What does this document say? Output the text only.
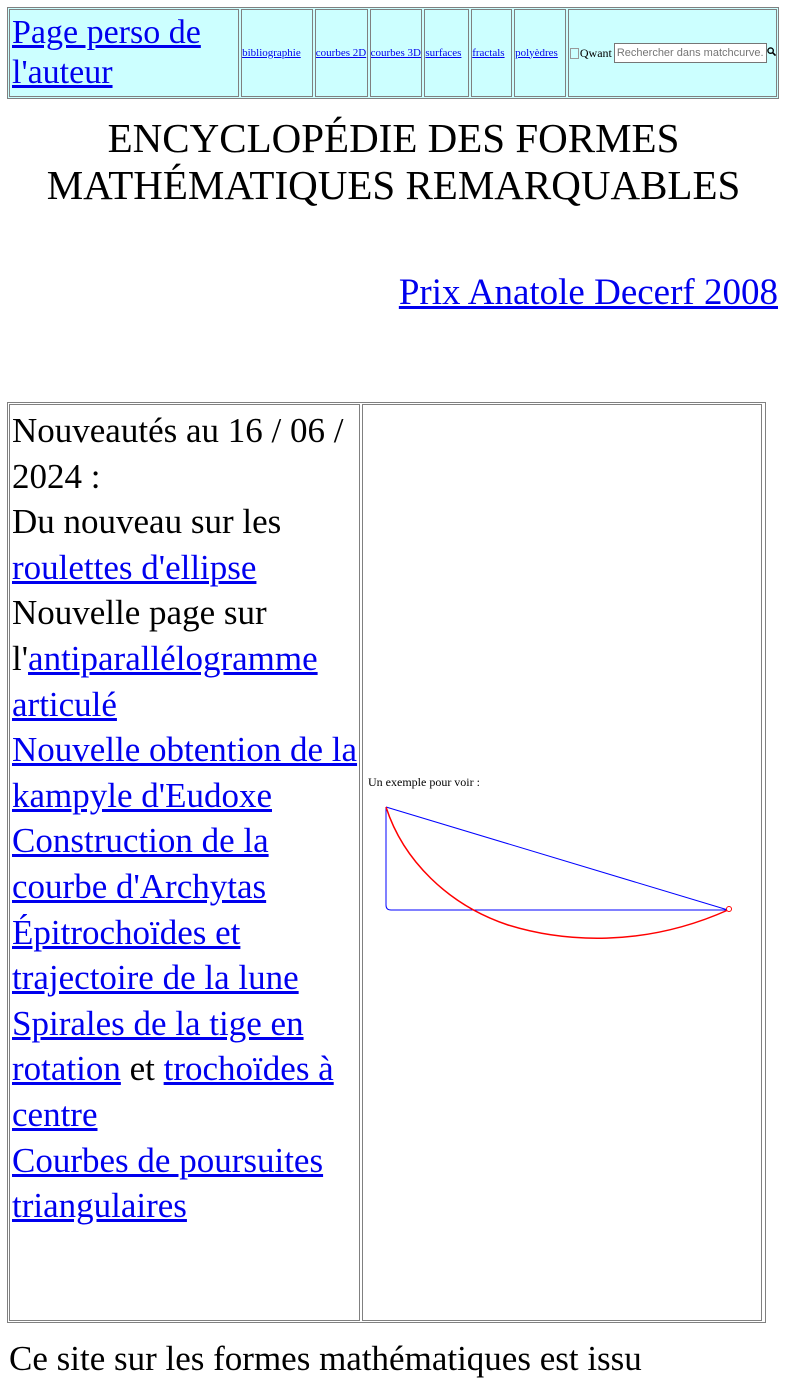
Page perso de l'auteur
bibliographie courbes 2D courbes 3D surfaces fractals polyèdres Qwant
Rechercher dans matchcurve.
ENCYCLOPÉDIE DES FORMES MATHÉMATIQUES REMARQUABLES
Prix Anatole Decerf 2008
Nouveautés au 16 / 06 / 2024 :
Du nouveau sur les
roulettes d'ellipse
Nouvelle page sur l'antiparallélogramme articulé
Nouvelle obtention de la kampyle d'Eudoxe
Construction de la courbe d'Archytas
Épitrochoïdes et trajectoire de la lune
Spirales de la tige en rotation et trochoïdes à centre
Courbes de poursuites triangulaires
Un exemple pour voir :
Ce site sur les formes mathématiques est issu
